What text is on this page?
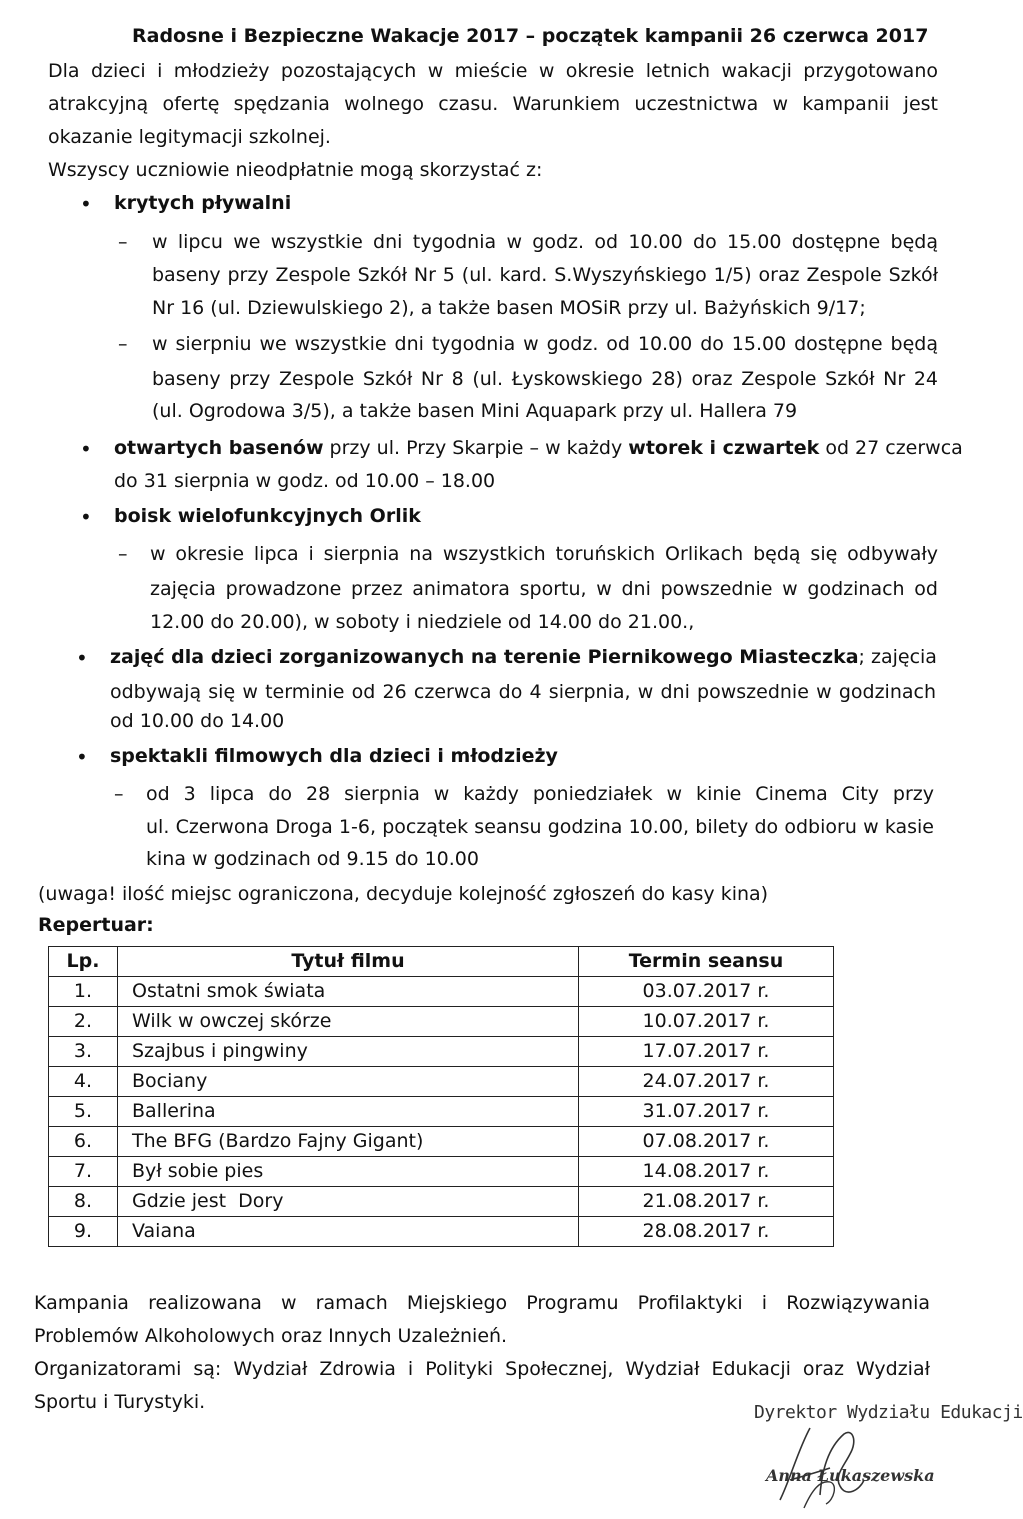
Radosne i Bezpieczne Wakacje 2017 – początek kampanii 26 czerwca 2017
Dla dzieci i młodzieży pozostających w mieście w okresie letnich wakacji przygotowano
atrakcyjną ofertę spędzania wolnego czasu. Warunkiem uczestnictwa w kampanii jest
okazanie legitymacji szkolnej.
Wszyscy uczniowie nieodpłatnie mogą skorzystać z:
• krytych pływalni
– w lipcu we wszystkie dni tygodnia w godz. od 10.00 do 15.00 dostępne będą
baseny przy Zespole Szkół Nr 5 (ul. kard. S.Wyszyńskiego 1/5) oraz Zespole Szkół
Nr 16 (ul. Dziewulskiego 2), a także basen MOSiR przy ul. Bażyńskich 9/17;
– w sierpniu we wszystkie dni tygodnia w godz. od 10.00 do 15.00 dostępne będą
baseny przy Zespole Szkół Nr 8 (ul. Łyskowskiego 28) oraz Zespole Szkół Nr 24
(ul. Ogrodowa 3/5), a także basen Mini Aquapark przy ul. Hallera 79
• otwartych basenów przy ul. Przy Skarpie – w każdy wtorek i czwartek od 27 czerwca
do 31 sierpnia w godz. od 10.00 – 18.00
• boisk wielofunkcyjnych Orlik
– w okresie lipca i sierpnia na wszystkich toruńskich Orlikach będą się odbywały
zajęcia prowadzone przez animatora sportu, w dni powszednie w godzinach od
12.00 do 20.00), w soboty i niedziele od 14.00 do 21.00.,
• zajęć dla dzieci zorganizowanych na terenie Piernikowego Miasteczka; zajęcia
odbywają się w terminie od 26 czerwca do 4 sierpnia, w dni powszednie w godzinach
od 10.00 do 14.00
• spektakli filmowych dla dzieci i młodzieży
– od 3 lipca do 28 sierpnia w każdy poniedziałek w kinie Cinema City przy
ul. Czerwona Droga 1-6, początek seansu godzina 10.00, bilety do odbioru w kasie
kina w godzinach od 9.15 do 10.00
(uwaga! ilość miejsc ograniczona, decyduje kolejność zgłoszeń do kasy kina)
Repertuar:
Lp.	Tytuł filmu	Termin seansu
1.	Ostatni smok świata	03.07.2017 r.
2.	Wilk w owczej skórze	10.07.2017 r.
3.	Szajbus i pingwiny	17.07.2017 r.
4.	Bociany	24.07.2017 r.
5.	Ballerina	31.07.2017 r.
6.	The BFG (Bardzo Fajny Gigant)	07.08.2017 r.
7.	Był sobie pies	14.08.2017 r.
8.	Gdzie jest  Dory	21.08.2017 r.
9.	Vaiana	28.08.2017 r.
Kampania realizowana w ramach Miejskiego Programu Profilaktyki i Rozwiązywania
Problemów Alkoholowych oraz Innych Uzależnień.
Organizatorami są: Wydział Zdrowia i Polityki Społecznej, Wydział Edukacji oraz Wydział
Sportu i Turystyki.	Dyrektor Wydziału Edukacji
Anna Łukaszewska
